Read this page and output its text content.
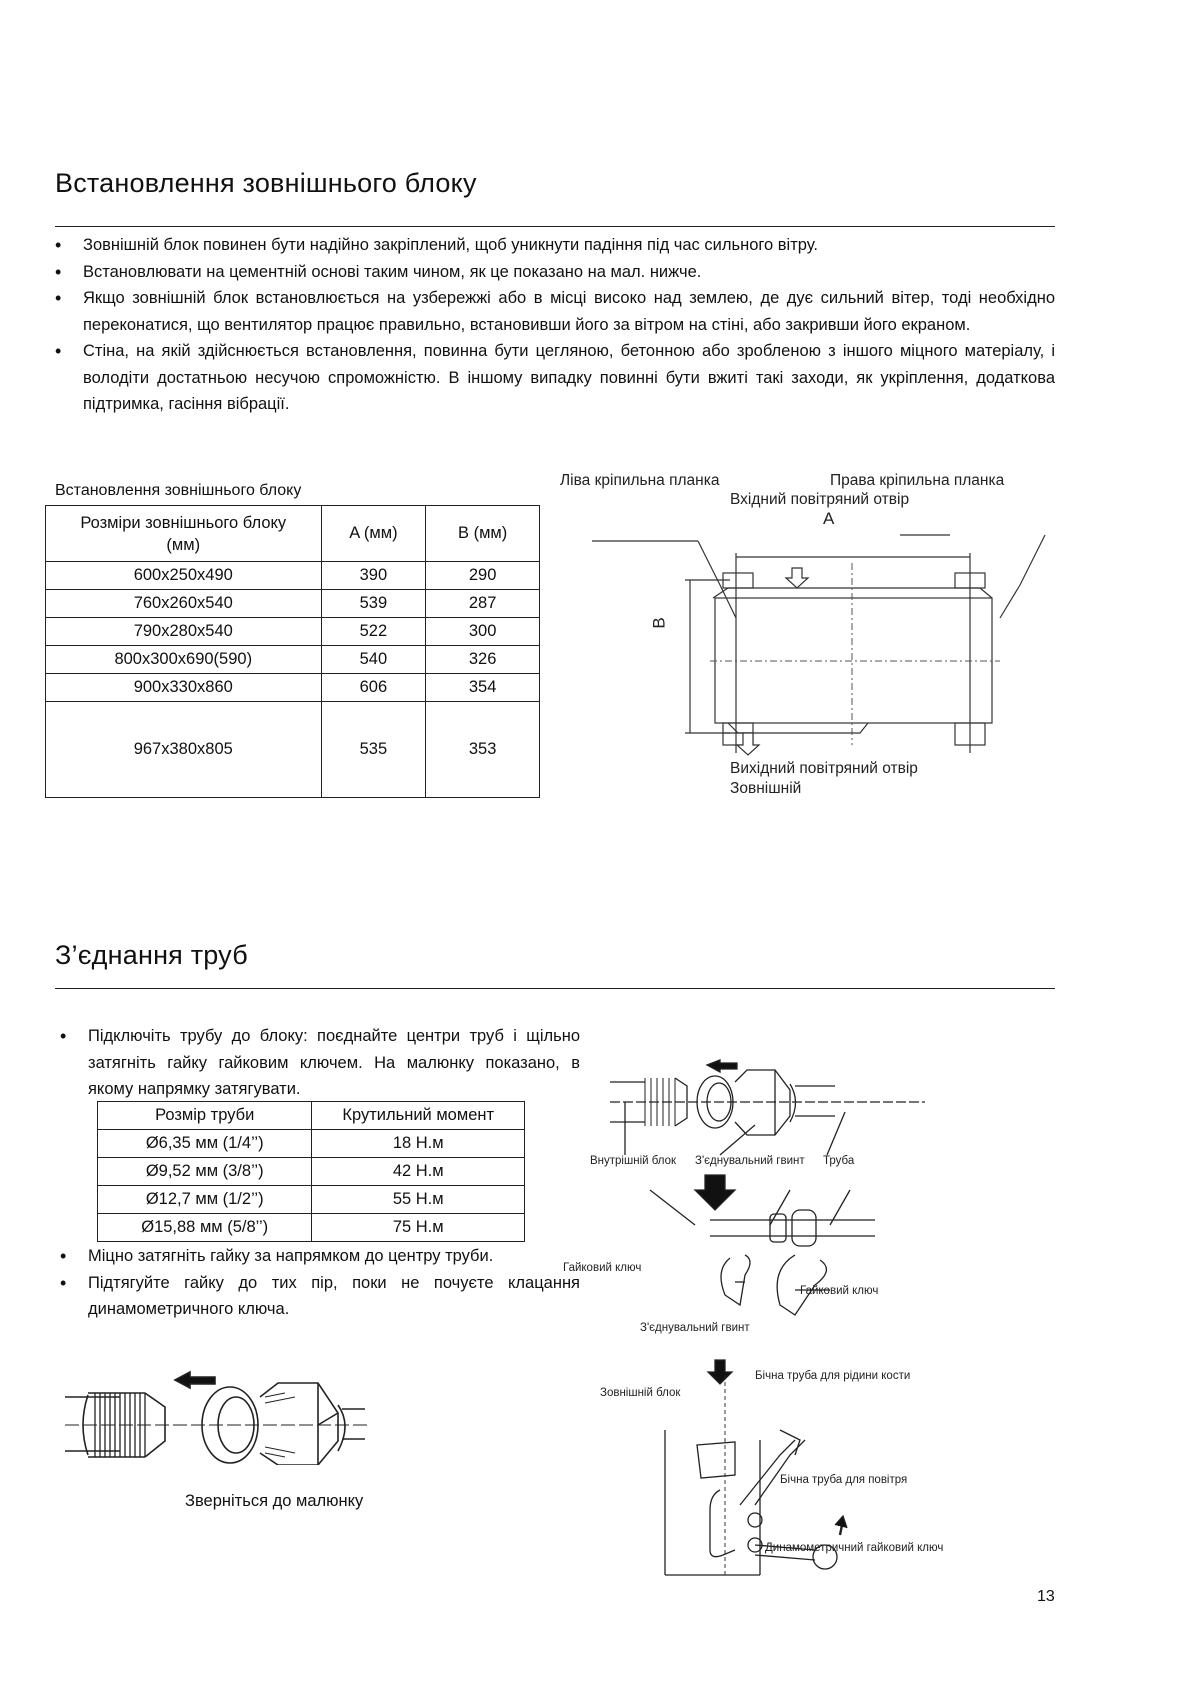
Встановлення зовнішнього блоку
• Зовнішній блок повинен бути надійно закріплений, щоб уникнути падіння під час сильного вітру.
• Встановлювати на цементній основі таким чином, як це показано на мал. нижче.
• Якщо зовнішній блок встановлюється на узбережжі або в місці високо над землею, де дує сильний вітер, тоді необхідно переконатися, що вентилятор працює правильно, встановивши його за вітром на стіні, або закривши його екраном.
• Стіна, на якій здійснюється встановлення, повинна бути цегляною, бетонною або зробленою з іншого міцного матеріалу, і володіти достатньою несучою спроможністю. В іншому випадку повинні бути вжиті такі заходи, як укріплення, додаткова підтримка, гасіння вібрації.
Встановлення зовнішнього блоку
Розміри зовнішнього блоку (мм)	A (мм)	B (мм)
600x250x490	390	290
760x260x540	539	287
790x280x540	522	300
800x300x690(590)	540	326
900x330x860	606	354
967x380x805	535	353
Ліва кріпильна планка	Права кріпильна планка
Вхідний повітряний отвір
A
B
Вихідний повітряний отвір
Зовнішній
З’єднання труб
• Підключіть трубу до блоку: поєднайте центри труб і щільно затягніть гайку гайковим ключем. На малюнку показано, в якому напрямку затягувати.
Розмір труби	Крутильний момент
Ø6,35 мм (1/4’’)	18 Н.м
Ø9,52 мм (3/8’’)	42 Н.м
Ø12,7 мм (1/2’’)	55 Н.м
Ø15,88 мм (5/8’’)	75 Н.м
• Міцно затягніть гайку за напрямком до центру труби.
• Підтягуйте гайку до тих пір, поки не почуєте клацання динамометричного ключа.
Зверніться до малюнку
Внутрішній блок З'єднувальний гвинт Труба
Гайковий ключ
Гайковий ключ
З'єднувальний гвинт
Зовнішній блок
Бічна труба для рідини кости
Бічна труба для повітря
Динамометричний гайковий ключ
13
